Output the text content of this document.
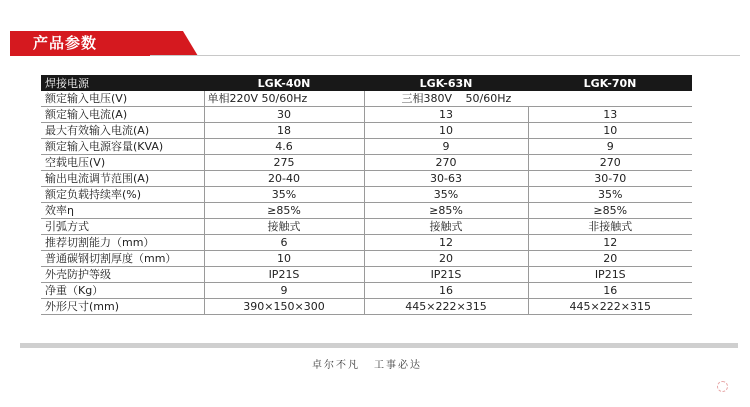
产品参数
焊接电源	LGK-40N	LGK-63N	LGK-70N
额定输入电压(V)	单相220V 50/60Hz	三相380V 50/60Hz	
额定输入电流(A)	30	13	13
最大有效输入电流(A)	18	10	10
额定输入电源容量(KVA)	4.6	9	9
空载电压(V)	275	270	270
输出电流调节范围(A)	20-40	30-63	30-70
额定负载持续率(%)	35%	35%	35%
效率η	≥85%	≥85%	≥85%
引弧方式	接触式	接触式	非接触式
推荐切割能力（mm）	6	12	12
普通碳钢切割厚度（mm）	10	20	20
外壳防护等级	IP21S	IP21S	IP21S
净重（Kg）	9	16	16
外形尺寸(mm)	390×150×300	445×222×315	445×222×315
卓尔不凡 工事必达
